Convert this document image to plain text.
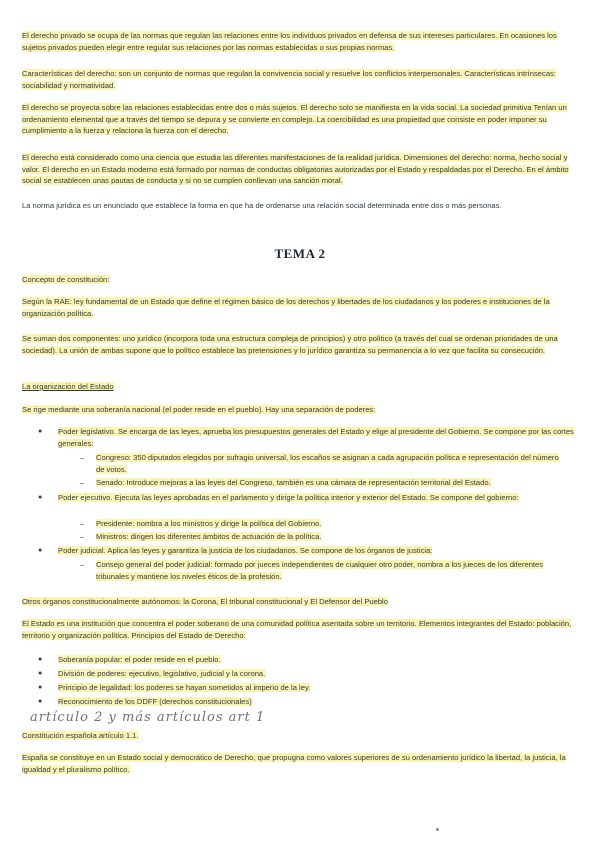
El derecho privado se ocupa de las normas que regulan las relaciones entre los individuos privados en defensa de sus intereses particulares. En ocasiones los sujetos privados pueden elegir entre regular sus relaciones por las normas establecidas o sus propias normas.

Características del derecho: son un conjunto de normas que regulan la convivencia social y resuelve los conflictos interpersonales. Características intrínsecas: sociabilidad y normatividad.

El derecho se proyecta sobre las relaciones establecidas entre dos o más sujetos. El derecho solo se manifiesta en la vida social. La sociedad primitiva Tenían un ordenamiento elemental que a través del tiempo se depura y se convierte en complejo. La coercibilidad es una propiedad que consiste en poder imponer su cumplimiento a la fuerza y relaciona la fuerza con el derecho.

El derecho está considerado como una ciencia que estudia las diferentes manifestaciones de la realidad jurídica. Dimensiones del derecho: norma, hecho social y valor. El derecho en un Estado moderno está formado por normas de conductas obligatorias autorizadas por el Estado y respaldadas por el Derecho. En el ámbito social se establecen unas pautas de conducta y si no se cumplen conllevan una sanción moral.

La norma jurídica es un enunciado que establece la forma en que ha de ordenarse una relación social determinada entre dos o más personas.

TEMA 2

Concepto de constitución:

Según la RAE: ley fundamental de un Estado que define el régimen básico de los derechos y libertades de los ciudadanos y los poderes e instituciones de la organización política.

Se suman dos componentes: uno jurídico (incorpora toda una estructura compleja de principios) y otro político (a través del cual se ordenan prioridades de una sociedad). La unión de ambas supone que lo político establece las pretensiones y lo jurídico garantiza su permanencia a lo vez que facilita su consecución.

La organización del Estado

Se rige mediante una soberanía nacional (el poder reside en el pueblo). Hay una separación de poderes:

● Poder legislativo. Se encarga de las leyes, aprueba los presupuestos generales del Estado y elige al presidente del Gobierno. Se compone por las cortes generales:
– Congreso: 350 diputados elegidos por sufragio universal, los escaños se asignan a cada agrupación política e representación del número de votos.
– Senado: Introduce mejoras a las leyes del Congreso, también es una cámara de representación territorial del Estado.
● Poder ejecutivo. Ejecuta las leyes aprobadas en el parlamento y dirige la política interior y exterior del Estado. Se compone del gobierno:
– Presidente: nombra a los ministros y dirige la política del Gobierno.
– Ministros: dirigen los diferentes ámbitos de actuación de la política.
● Poder judicial. Aplica las leyes y garantiza la justicia de los ciudadanos. Se compone de los órganos de justicia:
– Consejo general del poder judicial: formado por jueces independientes de cualquier otro poder, nombra a los jueces de los diferentes tribunales y mantiene los niveles éticos de la profesión.

Otros órganos constitucionalmente autónomos: la Corona, El tribunal constitucional y El Defensor del Pueblo

El Estado es una institución que concentra el poder soberano de una comunidad política asentada sobre un territorio. Elementos integrantes del Estado: población, territorio y organización política. Principios del Estado de Derecho:

● Soberanía popular: el poder reside en el pueblo.
● División de poderes: ejecutivo, legislativo, judicial y la corona.
● Principio de legalidad: los poderes se hayan sometidos al imperio de la ley.
● Reconocimiento de los DDFF (derechos constitucionales)

artículo 2 y más artículos art 1

Constitución española artículo 1.1.

España se constituye en un Estado social y democrático de Derecho, que propugna como valores superiores de su ordenamiento jurídico la libertad, la justicia, la igualdad y el pluralismo político.
